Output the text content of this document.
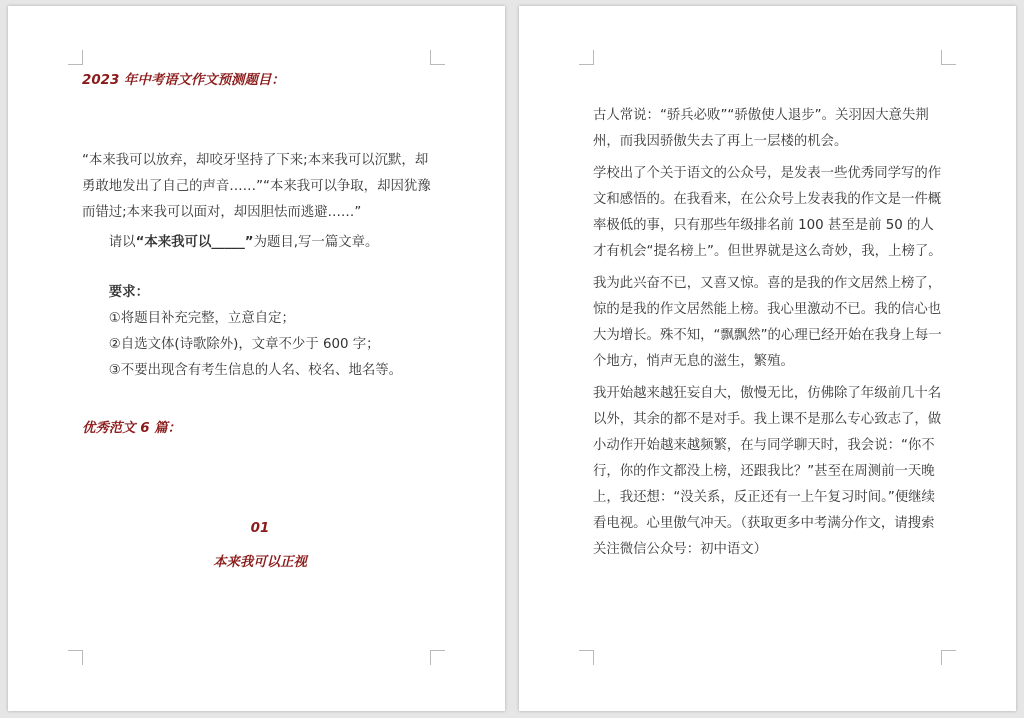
2023 年中考语文作文预测题目：

“本来我可以放弃，却咬牙坚持了下来;本来我可以沉默，却勇敢地发出了自己的声音……”“本来我可以争取，却因犹豫而错过;本来我可以面对，却因胆怯而逃避……”

请以“本来我可以_____”为题目,写一篇文章。

要求：

①将题目补充完整，立意自定；

②自选文体(诗歌除外)，文章不少于 600 字；

③不要出现含有考生信息的人名、校名、地名等。

优秀范文 6 篇：

01

本来我可以正视

古人常说：“骄兵必败”“骄傲使人退步”。关羽因大意失荆州，而我因骄傲失去了再上一层楼的机会。

学校出了个关于语文的公众号，是发表一些优秀同学写的作文和感悟的。在我看来，在公众号上发表我的作文是一件概率极低的事，只有那些年级排名前 100 甚至是前 50 的人才有机会“提名榜上”。但世界就是这么奇妙，我，上榜了。

我为此兴奋不已，又喜又惊。喜的是我的作文居然上榜了，惊的是我的作文居然能上榜。我心里激动不已。我的信心也大为增长。殊不知，“飘飘然”的心理已经开始在我身上每一个地方，悄声无息的滋生，繁殖。

我开始越来越狂妄自大，傲慢无比，仿佛除了年级前几十名以外，其余的都不是对手。我上课不是那么专心致志了，做小动作开始越来越频繁，在与同学聊天时，我会说：“你不行，你的作文都没上榜，还跟我比？”甚至在周测前一天晚上，我还想：“没关系，反正还有一上午复习时间。”便继续看电视。心里傲气冲天。（获取更多中考满分作文，请搜索关注微信公众号：初中语文）
